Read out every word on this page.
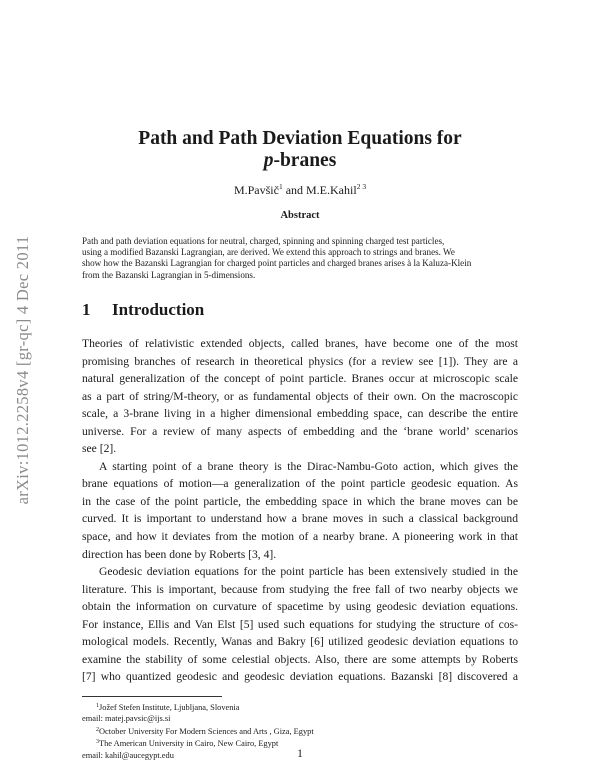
arXiv:1012.2258v4 [gr-qc] 4 Dec 2011
Path and Path Deviation Equations for
p-branes
M.Pavšič$^1$ and M.E.Kahil$^{2 3}$
Abstract
Path and path deviation equations for neutral, charged, spinning and spinning charged test particles,
using a modified Bazanski Lagrangian, are derived. We extend this approach to strings and branes. We
show how the Bazanski Lagrangian for charged point particles and charged branes arises à la Kaluza-Klein
from the Bazanski Lagrangian in 5-dimensions.
1 Introduction
Theories of relativistic extended objects, called branes, have become one of the most
promising branches of research in theoretical physics (for a review see [1]). They are a
natural generalization of the concept of point particle. Branes occur at microscopic scale
as a part of string/M-theory, or as fundamental objects of their own. On the macroscopic
scale, a 3-brane living in a higher dimensional embedding space, can describe the entire
universe. For a review of many aspects of embedding and the ‘brane world’ scenarios
see [2].
A starting point of a brane theory is the Dirac-Nambu-Goto action, which gives the
brane equations of motion—a generalization of the point particle geodesic equation. As
in the case of the point particle, the embedding space in which the brane moves can be
curved. It is important to understand how a brane moves in such a classical background
space, and how it deviates from the motion of a nearby brane. A pioneering work in that
direction has been done by Roberts [3, 4].
Geodesic deviation equations for the point particle has been extensively studied in the
literature. This is important, because from studying the free fall of two nearby objects we
obtain the information on curvature of spacetime by using geodesic deviation equations.
For instance, Ellis and Van Elst [5] used such equations for studying the structure of cos-
mological models. Recently, Wanas and Bakry [6] utilized geodesic deviation equations to
examine the stability of some celestial objects. Also, there are some attempts by Roberts
[7] who quantized geodesic and geodesic deviation equations. Bazanski [8] discovered a
$^1$Jožef Stefen Institute, Ljubljana, Slovenia
email: matej.pavsic@ijs.si
$^2$October University For Modern Sciences and Arts , Giza, Egypt
$^3$The American University in Cairo, New Cairo, Egypt
email: kahil@aucegypt.edu	1
